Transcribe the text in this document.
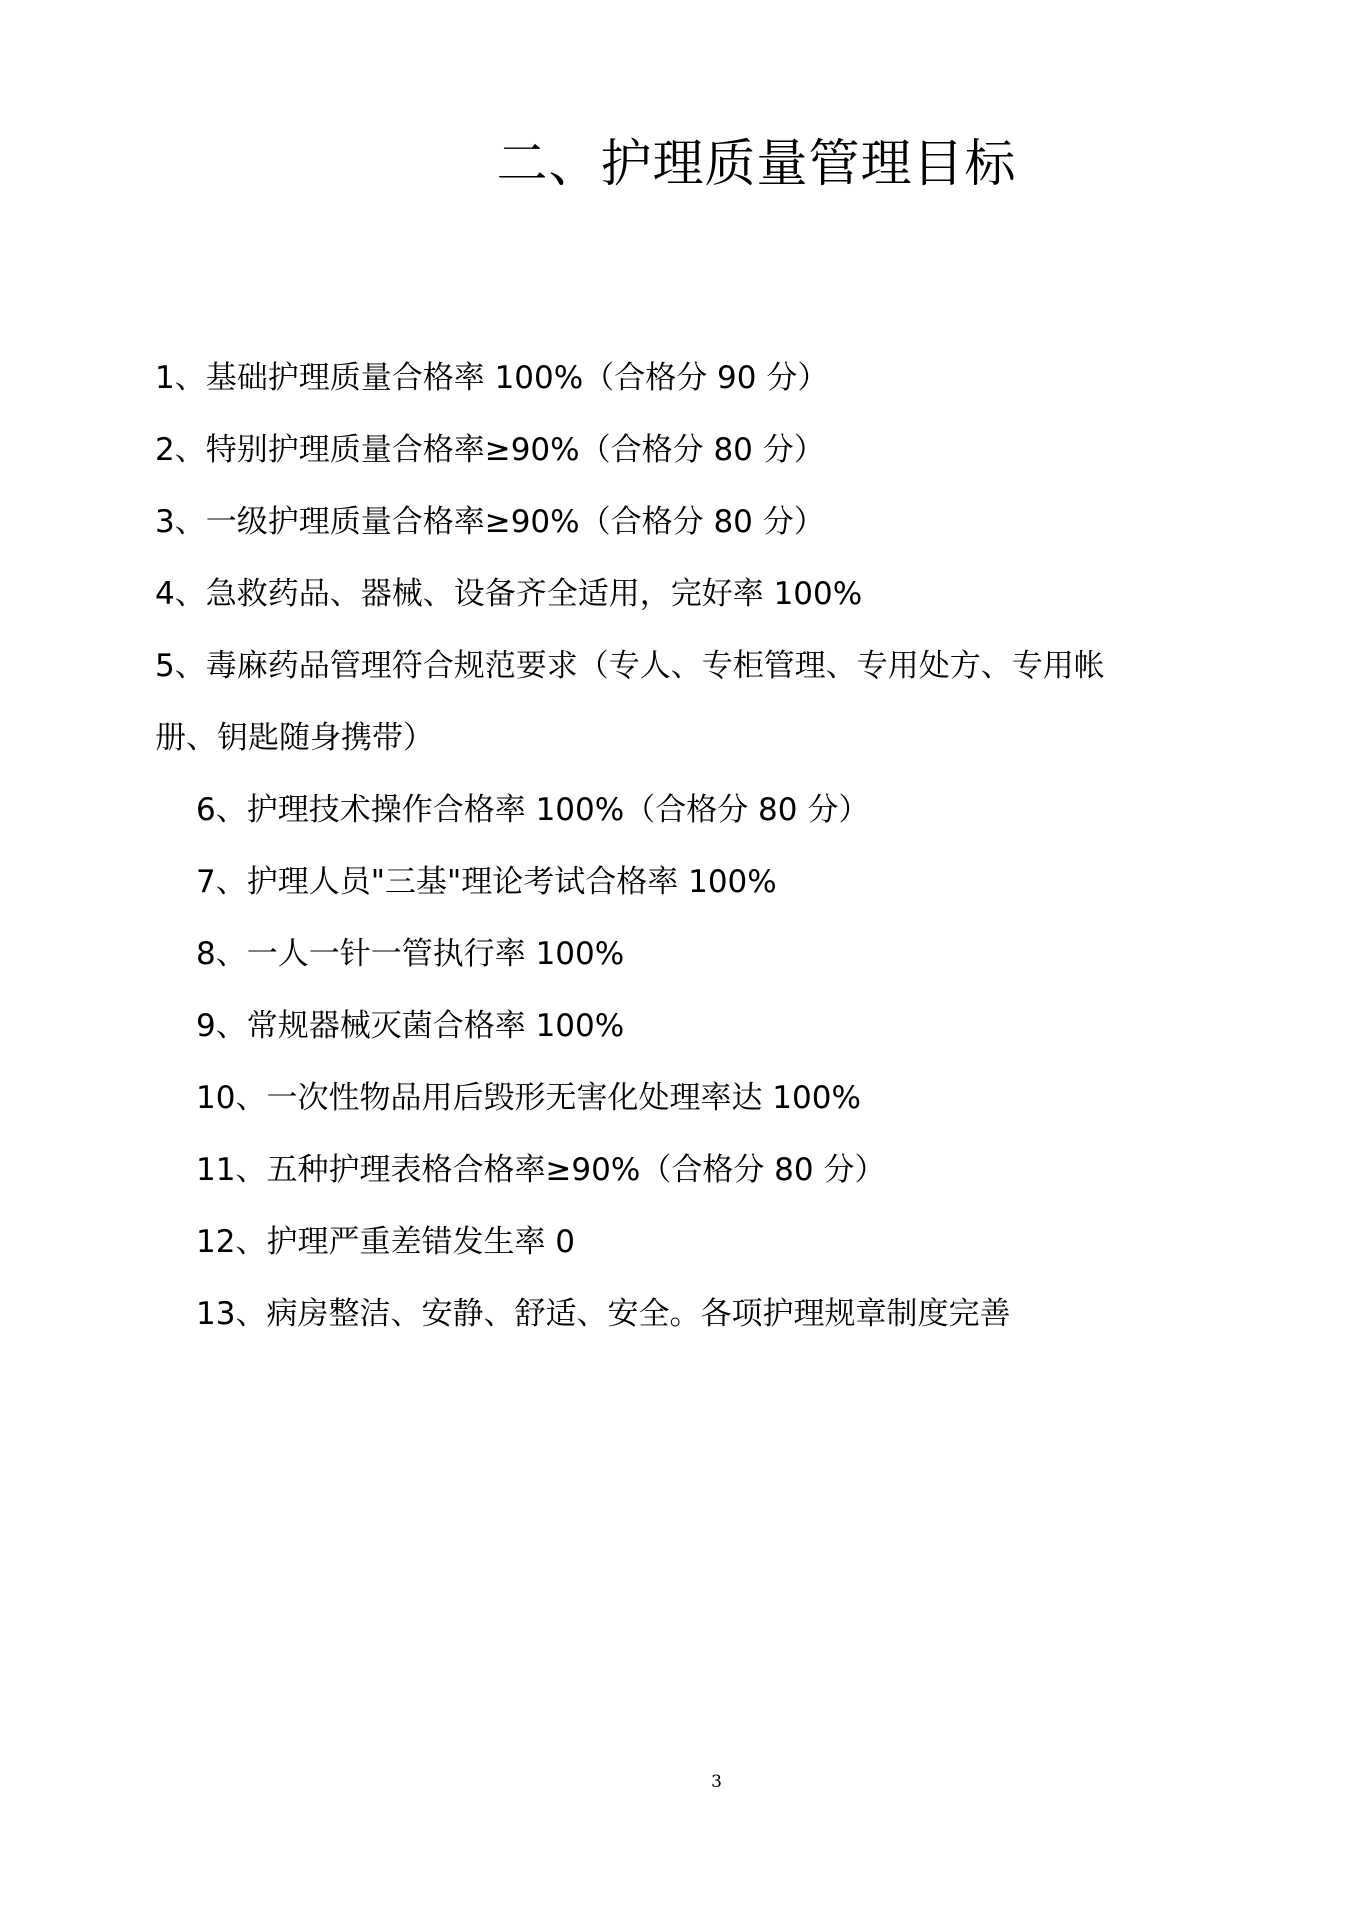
二、护理质量管理目标

1、基础护理质量合格率 100%（合格分 90 分）

2、特别护理质量合格率≥90%（合格分 80 分）

3、一级护理质量合格率≥90%（合格分 80 分）

4、急救药品、器械、设备齐全适用，完好率 100%

5、毒麻药品管理符合规范要求（专人、专柜管理、专用处方、专用帐

册、钥匙随身携带）

6、护理技术操作合格率 100%（合格分 80 分）

7、护理人员"三基"理论考试合格率 100%

8、一人一针一管执行率 100%

9、常规器械灭菌合格率 100%

10、一次性物品用后毁形无害化处理率达 100%

11、五种护理表格合格率≥90%（合格分 80 分）

12、护理严重差错发生率 0

13、病房整洁、安静、舒适、安全。各项护理规章制度完善

3
